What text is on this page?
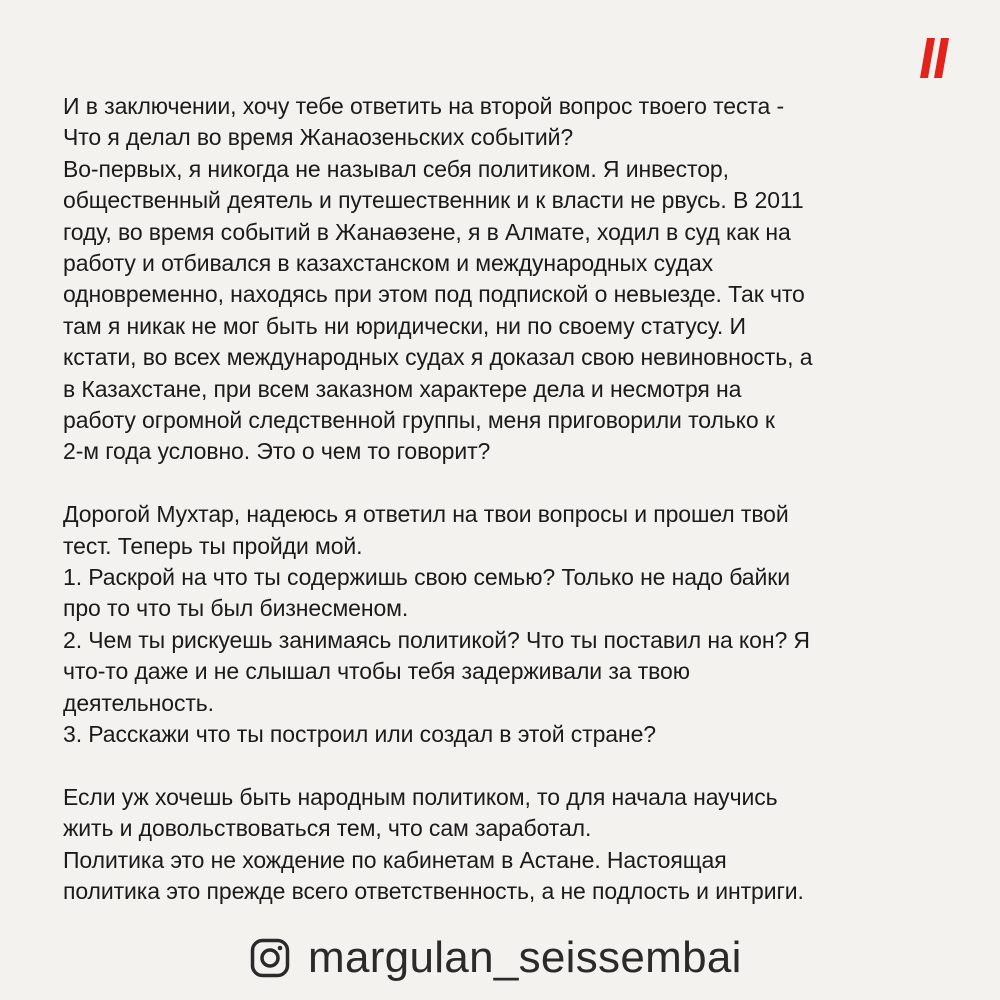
И в заключении, хочу тебе ответить на второй вопрос твоего теста -
Что я делал во время Жанаозеньских событий?
Во-первых, я никогда не называл себя политиком. Я инвестор,
общественный деятель и путешественник и к власти не рвусь. В 2011
году, во время событий в Жанаөзене, я в Алмате, ходил в суд как на
работу и отбивался в казахстанском и международных судах
одновременно, находясь при этом под подпиской о невыезде. Так что
там я никак не мог быть ни юридически, ни по своему статусу. И
кстати, во всех международных судах я доказал свою невиновность, а
в Казахстане, при всем заказном характере дела и несмотря на
работу огромной следственной группы, меня приговорили только к
2-м года условно. Это о чем то говорит?
Дорогой Мухтар, надеюсь я ответил на твои вопросы и прошел твой
тест. Теперь ты пройди мой.
1. Раскрой на что ты содержишь свою семью? Только не надо байки
про то что ты был бизнесменом.
2. Чем ты рискуешь занимаясь политикой? Что ты поставил на кон? Я
что-то даже и не слышал чтобы тебя задерживали за твою
деятельность.
3. Расскажи что ты построил или создал в этой стране?
Если уж хочешь быть народным политиком, то для начала научись
жить и довольствоваться тем, что сам заработал.
Политика это не хождение по кабинетам в Астане. Настоящая
политика это прежде всего ответственность, а не подлость и интриги.
margulan_seissembai
